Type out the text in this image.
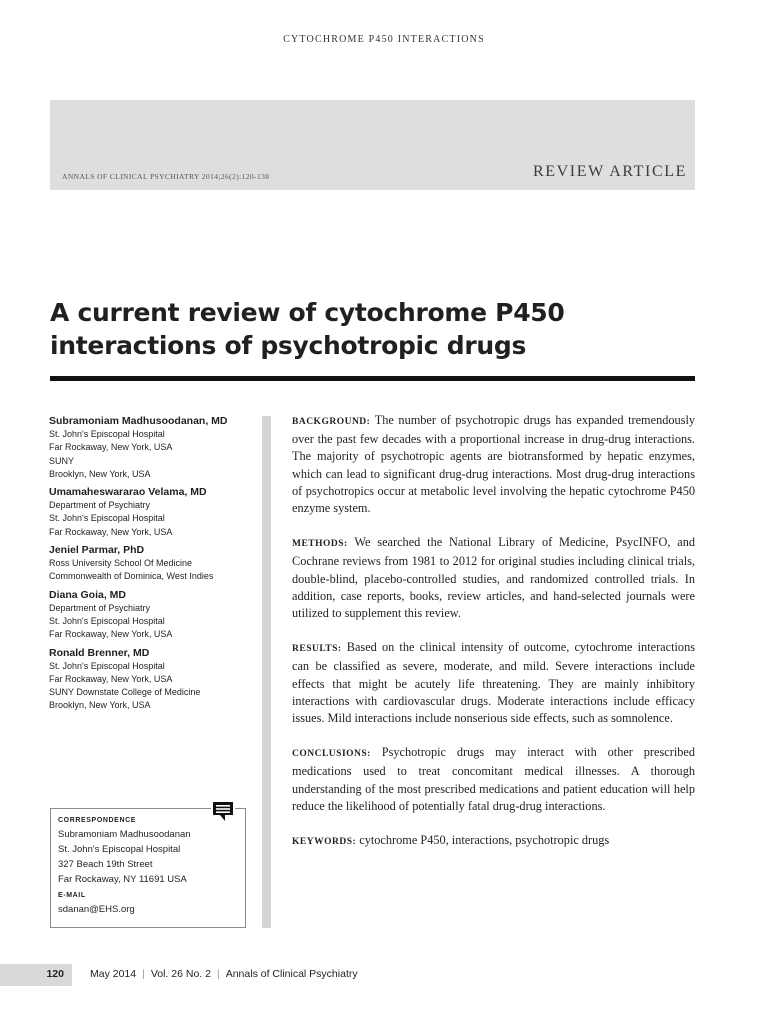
CYTOCHROME P450 INTERACTIONS
ANNALS OF CLINICAL PSYCHIATRY 2014;26(2):120-138	REVIEW ARTICLE
A current review of cytochrome P450
interactions of psychotropic drugs
Subramoniam Madhusoodanan, MD
St. John's Episcopal Hospital
Far Rockaway, New York, USA
SUNY
Brooklyn, New York, USA
Umamaheswararao Velama, MD
Department of Psychiatry
St. John's Episcopal Hospital
Far Rockaway, New York, USA
Jeniel Parmar, PhD
Ross University School Of Medicine
Commonwealth of Dominica, West Indies
Diana Goia, MD
Department of Psychiatry
St. John's Episcopal Hospital
Far Rockaway, New York, USA
Ronald Brenner, MD
St. John's Episcopal Hospital
Far Rockaway, New York, USA
SUNY Downstate College of Medicine
Brooklyn, New York, USA
CORRESPONDENCE
Subramoniam Madhusoodanan
St. John's Episcopal Hospital
327 Beach 19th Street
Far Rockaway, NY 11691 USA
E-MAIL
sdanan@EHS.org

BACKGROUND: The number of psychotropic drugs has expanded tremendously over the past few decades with a proportional increase in drug-drug interactions. The majority of psychotropic agents are biotransformed by hepatic enzymes, which can lead to significant drug-drug interactions. Most drug-drug interactions of psychotropics occur at metabolic level involving the hepatic cytochrome P450 enzyme system.

METHODS: We searched the National Library of Medicine, PsycINFO, and Cochrane reviews from 1981 to 2012 for original studies including clinical trials, double-blind, placebo-controlled studies, and randomized controlled trials. In addition, case reports, books, review articles, and hand-selected journals were utilized to supplement this review.

RESULTS: Based on the clinical intensity of outcome, cytochrome interactions can be classified as severe, moderate, and mild. Severe interactions include effects that might be acutely life threatening. They are mainly inhibitory interactions with cardiovascular drugs. Moderate interactions include efficacy issues. Mild interactions include nonserious side effects, such as somnolence.

CONCLUSIONS: Psychotropic drugs may interact with other prescribed medications used to treat concomitant medical illnesses. A thorough understanding of the most prescribed medications and patient education will help reduce the likelihood of potentially fatal drug-drug interactions.

KEYWORDS: cytochrome P450, interactions, psychotropic drugs

120 May 2014 | Vol. 26 No. 2 | Annals of Clinical Psychiatry
